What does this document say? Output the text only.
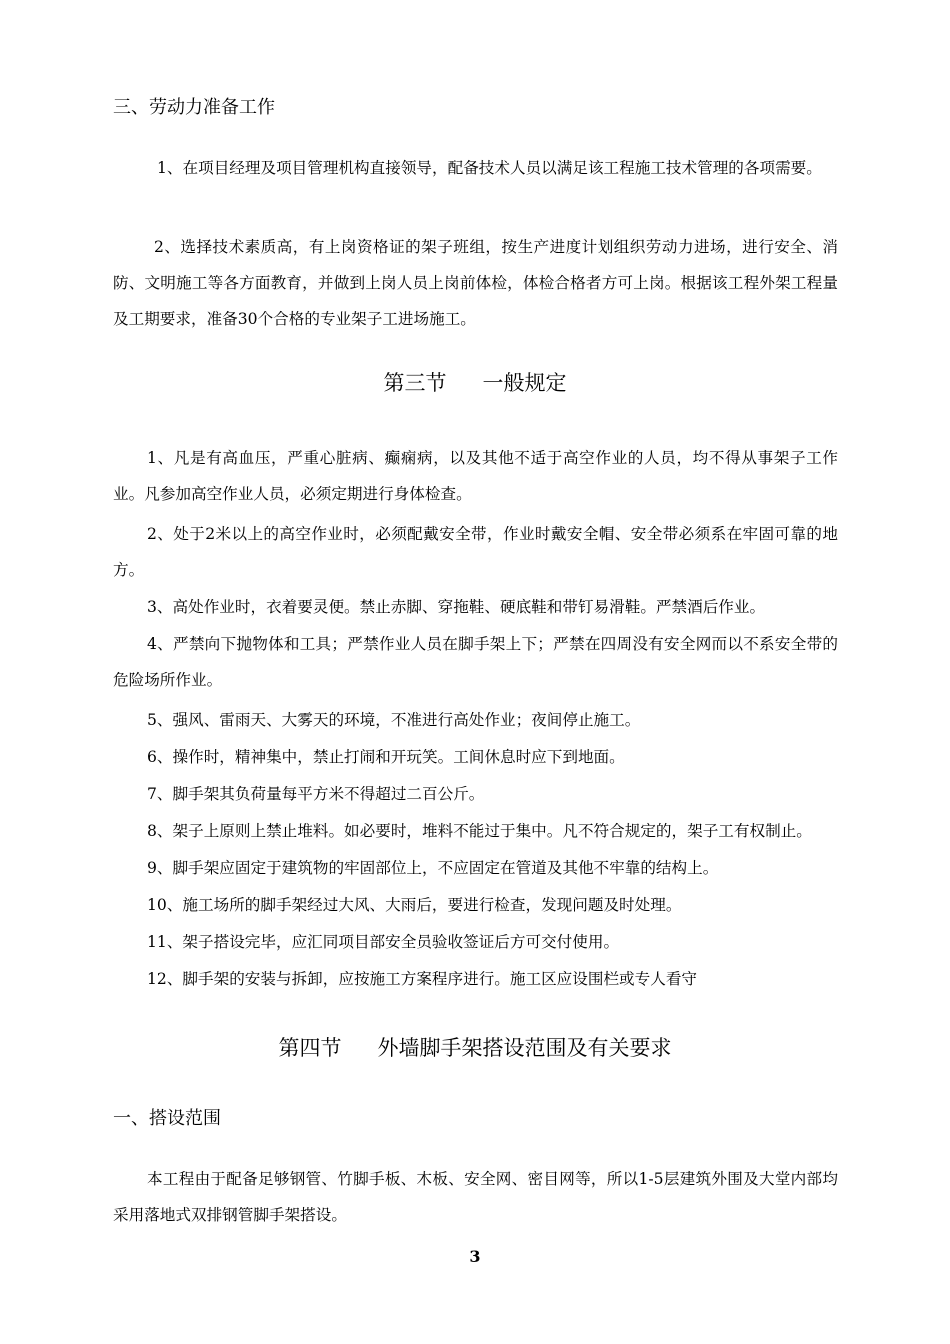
三、劳动力准备工作
1、在项目经理及项目管理机构直接领导，配备技术人员以满足该工程施工技术管理的各项需要。
2、选择技术素质高，有上岗资格证的架子班组，按生产进度计划组织劳动力进场，进行安全、消防、文明施工等各方面教育，并做到上岗人员上岗前体检，体检合格者方可上岗。根据该工程外架工程量及工期要求，准备30个合格的专业架子工进场施工。
第三节 一般规定
1、凡是有高血压，严重心脏病、癫痫病，以及其他不适于高空作业的人员，均不得从事架子工作业。凡参加高空作业人员，必须定期进行身体检查。
2、处于2米以上的高空作业时，必须配戴安全带，作业时戴安全帽、安全带必须系在牢固可靠的地方。
3、高处作业时，衣着要灵便。禁止赤脚、穿拖鞋、硬底鞋和带钉易滑鞋。严禁酒后作业。
4、严禁向下抛物体和工具；严禁作业人员在脚手架上下；严禁在四周没有安全网而以不系安全带的危险场所作业。
5、强风、雷雨天、大雾天的环境，不准进行高处作业；夜间停止施工。
6、操作时，精神集中，禁止打闹和开玩笑。工间休息时应下到地面。
7、脚手架其负荷量每平方米不得超过二百公斤。
8、架子上原则上禁止堆料。如必要时，堆料不能过于集中。凡不符合规定的，架子工有权制止。
9、脚手架应固定于建筑物的牢固部位上，不应固定在管道及其他不牢靠的结构上。
10、施工场所的脚手架经过大风、大雨后，要进行检查，发现问题及时处理。
11、架子搭设完毕，应汇同项目部安全员验收签证后方可交付使用。
12、脚手架的安装与拆卸，应按施工方案程序进行。施工区应设围栏或专人看守
第四节 外墙脚手架搭设范围及有关要求
一、搭设范围
本工程由于配备足够钢管、竹脚手板、木板、安全网、密目网等，所以1-5层建筑外围及大堂内部均采用落地式双排钢管脚手架搭设。
3
